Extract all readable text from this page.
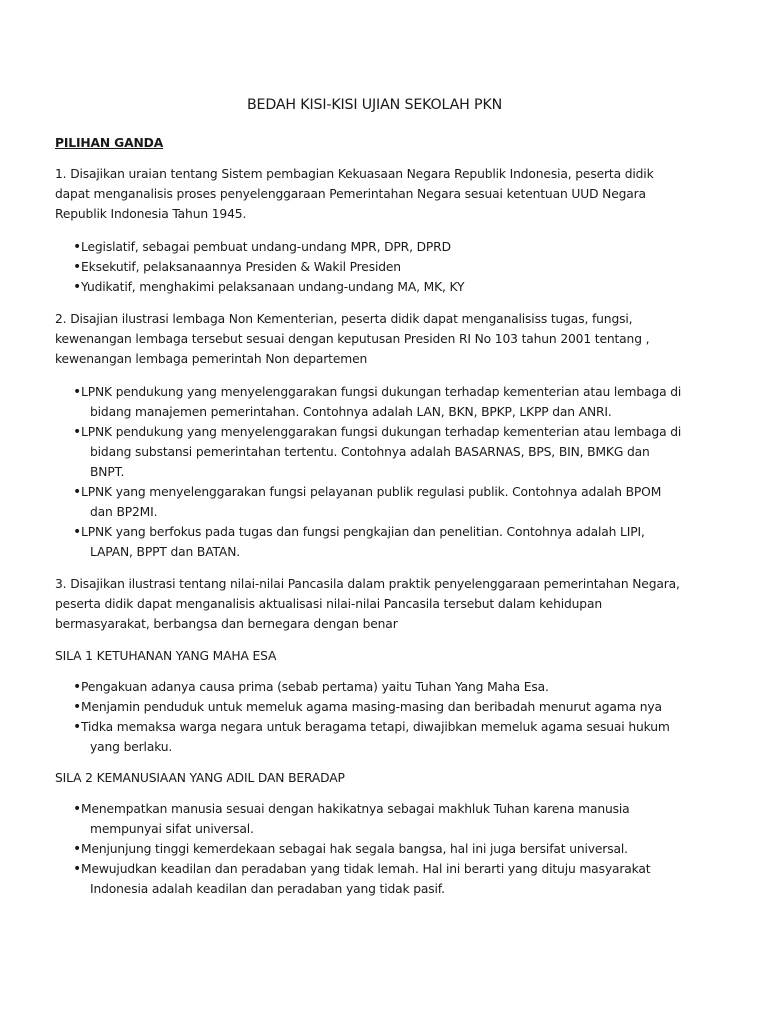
BEDAH KISI-KISI UJIAN SEKOLAH PKN
PILIHAN GANDA

1. Disajikan uraian tentang Sistem pembagian Kekuasaan Negara Republik Indonesia, peserta didik dapat menganalisis proses penyelenggaraan Pemerintahan Negara sesuai ketentuan UUD Negara Republik Indonesia Tahun 1945.

• Legislatif, sebagai pembuat undang-undang MPR, DPR, DPRD
• Eksekutif, pelaksanaannya Presiden & Wakil Presiden
• Yudikatif, menghakimi pelaksanaan undang-undang MA, MK, KY

2. Disajian ilustrasi lembaga Non Kementerian, peserta didik dapat menganalisiss tugas, fungsi, kewenangan lembaga tersebut sesuai dengan keputusan Presiden RI No 103 tahun 2001 tentang , kewenangan lembaga pemerintah Non departemen

• LPNK pendukung yang menyelenggarakan fungsi dukungan terhadap kementerian atau lembaga di bidang manajemen pemerintahan. Contohnya adalah LAN, BKN, BPKP, LKPP dan ANRI.
• LPNK pendukung yang menyelenggarakan fungsi dukungan terhadap kementerian atau lembaga di bidang substansi pemerintahan tertentu. Contohnya adalah BASARNAS, BPS, BIN, BMKG dan BNPT.
• LPNK yang menyelenggarakan fungsi pelayanan publik regulasi publik. Contohnya adalah BPOM dan BP2MI.
• LPNK yang berfokus pada tugas dan fungsi pengkajian dan penelitian. Contohnya adalah LIPI, LAPAN, BPPT dan BATAN.

3. Disajikan ilustrasi tentang nilai-nilai Pancasila dalam praktik penyelenggaraan pemerintahan Negara, peserta didik dapat menganalisis aktualisasi nilai-nilai Pancasila tersebut dalam kehidupan bermasyarakat, berbangsa dan bernegara dengan benar

SILA 1 KETUHANAN YANG MAHA ESA
• Pengakuan adanya causa prima (sebab pertama) yaitu Tuhan Yang Maha Esa.
• Menjamin penduduk untuk memeluk agama masing-masing dan beribadah menurut agama nya
• Tidka memaksa warga negara untuk beragama tetapi, diwajibkan memeluk agama sesuai hukum yang berlaku.
SILA 2 KEMANUSIAAN YANG ADIL DAN BERADAP
• Menempatkan manusia sesuai dengan hakikatnya sebagai makhluk Tuhan karena manusia mempunyai sifat universal.
• Menjunjung tinggi kemerdekaan sebagai hak segala bangsa, hal ini juga bersifat universal.
• Mewujudkan keadilan dan peradaban yang tidak lemah. Hal ini berarti yang dituju masyarakat Indonesia adalah keadilan dan peradaban yang tidak pasif.
